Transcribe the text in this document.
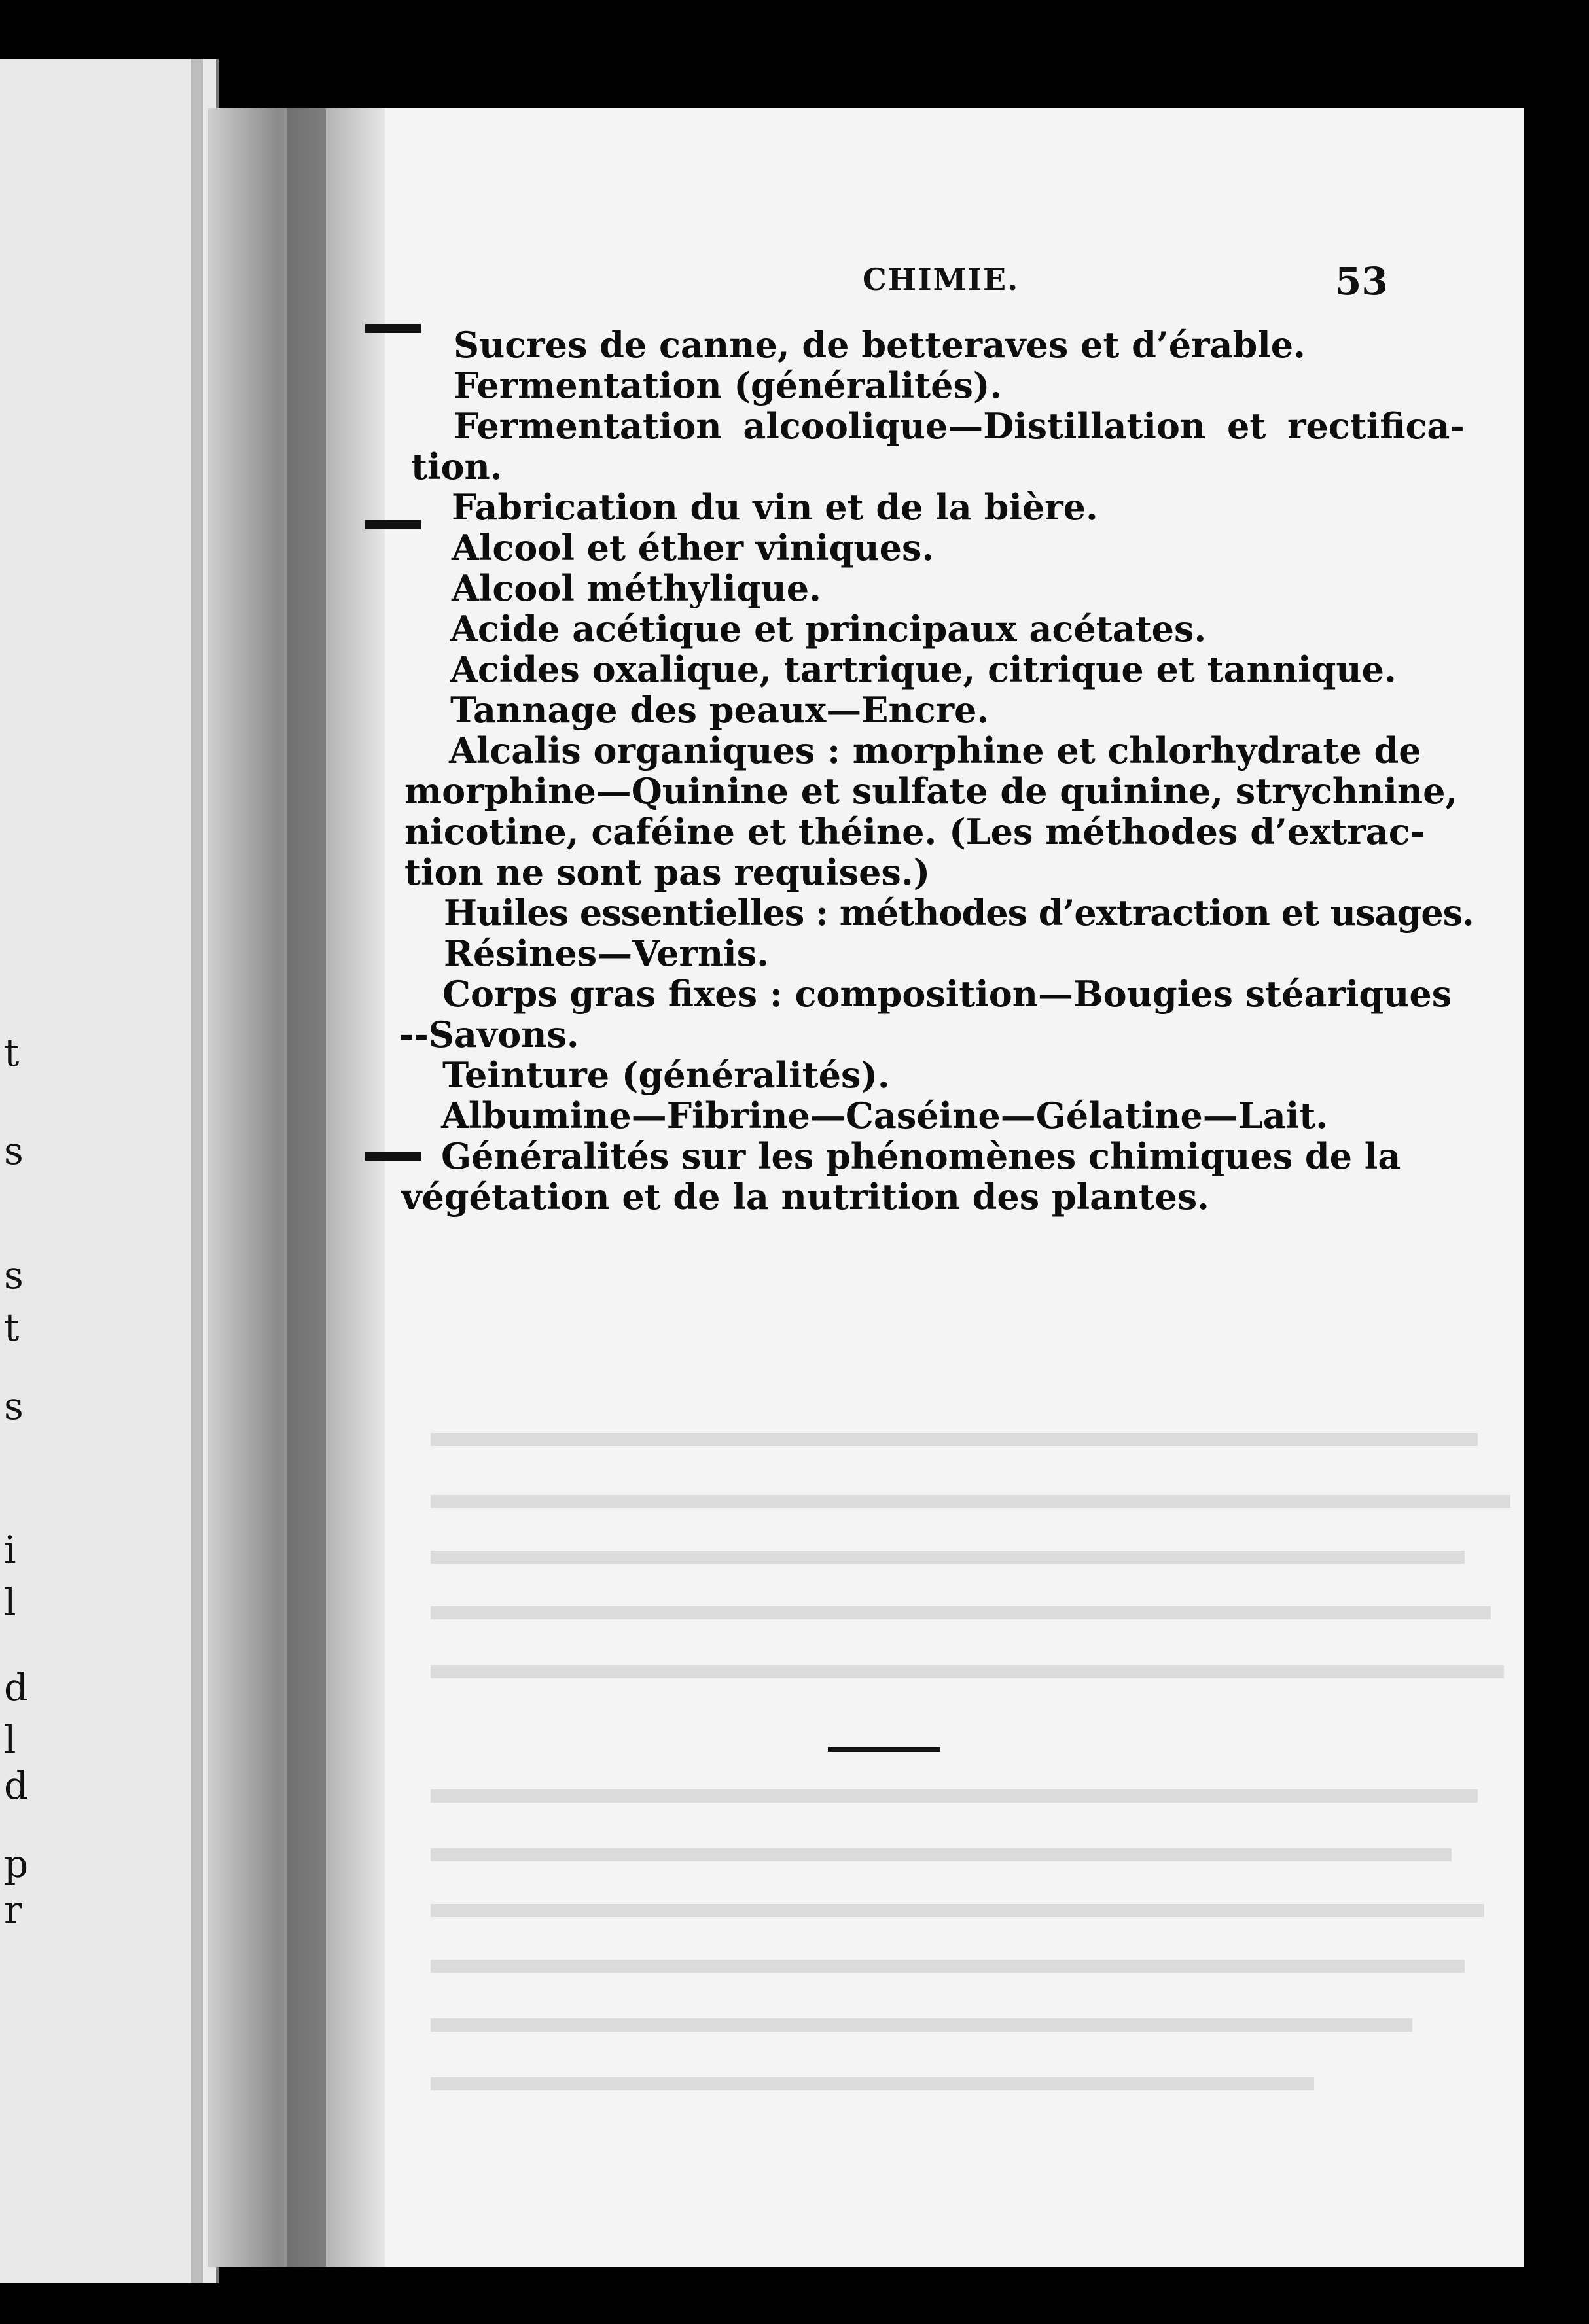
t
s
s
t
s
i
l
d
l
d
p
r
CHIMIE.	53
Sucres de canne, de betteraves et d’érable.
Fermentation (généralités).
Fermentation alcoolique—Distillation et rectifica-
tion.
Fabrication du vin et de la bière.
Alcool et éther viniques.
Alcool méthylique.
Acide acétique et principaux acétates.
Acides oxalique, tartrique, citrique et tannique.
Tannage des peaux—Encre.
Alcalis organiques : morphine et chlorhydrate de
morphine—Quinine et sulfate de quinine, strychnine,
nicotine, caféine et théine. (Les méthodes d’extrac-
tion ne sont pas requises.)
Huiles essentielles : méthodes d’extraction et usages.
Résines—Vernis.
Corps gras fixes : composition—Bougies stéariques
--Savons.
Teinture (généralités).
Albumine—Fibrine—Caséine—Gélatine—Lait.
Généralités sur les phénomènes chimiques de la
végétation et de la nutrition des plantes.
